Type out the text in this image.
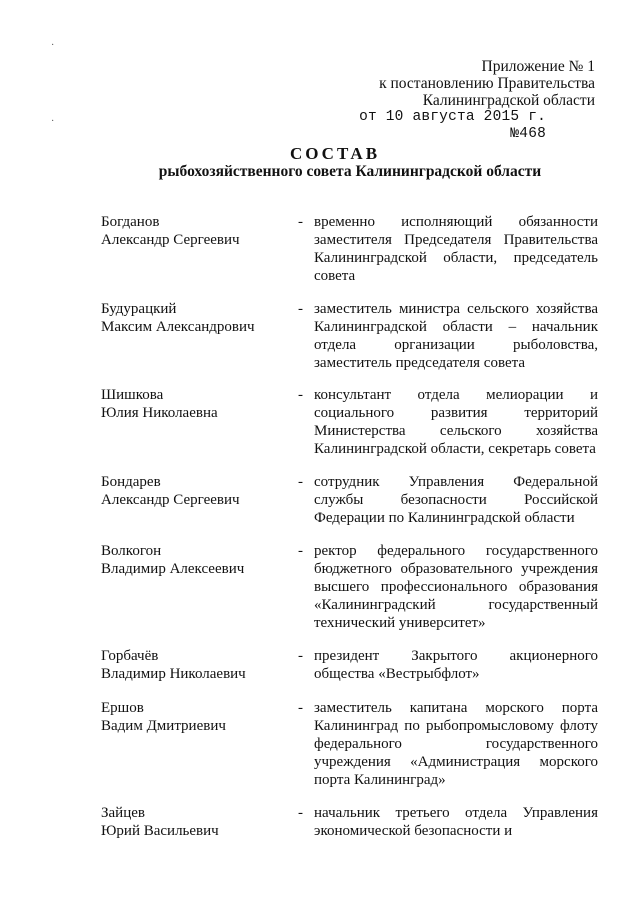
·
·
Приложение № 1
к постановлению Правительства
Калининградской области
от 10 августа 2015 г. №468
СОСТАВ
рыбохозяйственного совета Калининградской области
Богданов
Александр Сергеевич
- временно исполняющий обязанности заместителя Председателя Правительства Калининградской области, председатель совета
Будурацкий
Максим Александрович
- заместитель министра сельского хозяйства Калининградской области – начальник отдела организации рыболовства, заместитель председателя совета
Шишкова
Юлия Николаевна
- консультант отдела мелиорации и социального развития территорий Министерства сельского хозяйства Калининградской области, секретарь совета
Бондарев
Александр Сергеевич
- сотрудник Управления Федеральной службы безопасности Российской Федерации по Калининградской области
Волкогон
Владимир Алексеевич
- ректор федерального государственного бюджетного образовательного учреждения высшего профессионального образования «Калининградский государственный технический университет»
Горбачёв
Владимир Николаевич
- президент Закрытого акционерного общества «Вестрыбфлот»
Ершов
Вадим Дмитриевич
- заместитель капитана морского порта Калининград по рыбопромысловому флоту федерального государственного учреждения «Администрация морского порта Калининград»
Зайцев
Юрий Васильевич
- начальник третьего отдела Управления экономической безопасности и
